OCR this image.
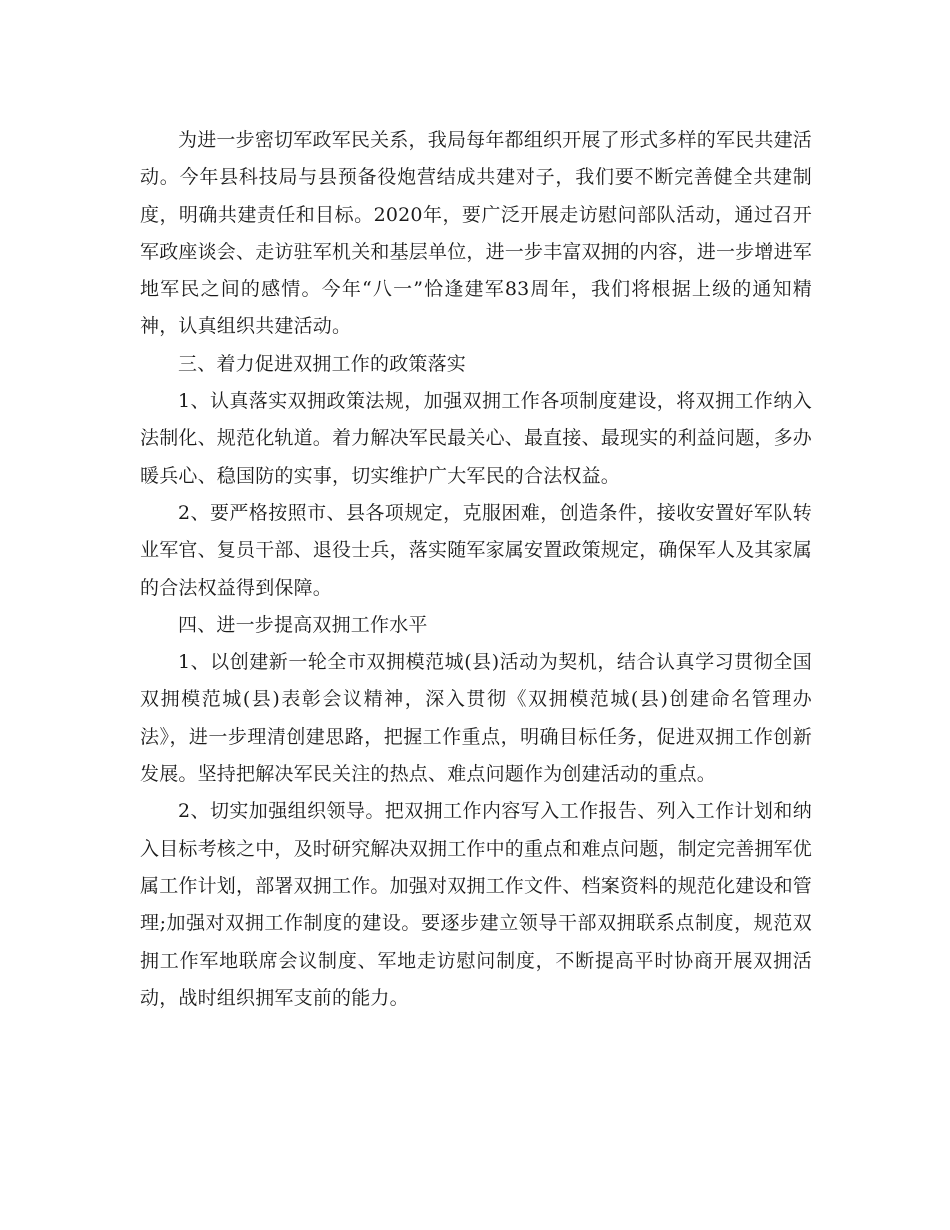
为进一步密切军政军民关系，我局每年都组织开展了形式多样的军民共建活动。今年县科技局与县预备役炮营结成共建对子，我们要不断完善健全共建制度，明确共建责任和目标。2020年，要广泛开展走访慰问部队活动，通过召开军政座谈会、走访驻军机关和基层单位，进一步丰富双拥的内容，进一步增进军地军民之间的感情。今年“八一”恰逢建军83周年，我们将根据上级的通知精神，认真组织共建活动。

三、着力促进双拥工作的政策落实

1、认真落实双拥政策法规，加强双拥工作各项制度建设，将双拥工作纳入法制化、规范化轨道。着力解决军民最关心、最直接、最现实的利益问题，多办暖兵心、稳国防的实事，切实维护广大军民的合法权益。

2、要严格按照市、县各项规定，克服困难，创造条件，接收安置好军队转业军官、复员干部、退役士兵，落实随军家属安置政策规定，确保军人及其家属的合法权益得到保障。

四、进一步提高双拥工作水平

1、以创建新一轮全市双拥模范城(县)活动为契机，结合认真学习贯彻全国双拥模范城(县)表彰会议精神，深入贯彻《双拥模范城(县)创建命名管理办法》，进一步理清创建思路，把握工作重点，明确目标任务，促进双拥工作创新发展。坚持把解决军民关注的热点、难点问题作为创建活动的重点。

2、切实加强组织领导。把双拥工作内容写入工作报告、列入工作计划和纳入目标考核之中，及时研究解决双拥工作中的重点和难点问题，制定完善拥军优属工作计划，部署双拥工作。加强对双拥工作文件、档案资料的规范化建设和管理;加强对双拥工作制度的建设。要逐步建立领导干部双拥联系点制度，规范双拥工作军地联席会议制度、军地走访慰问制度，不断提高平时协商开展双拥活动，战时组织拥军支前的能力。
